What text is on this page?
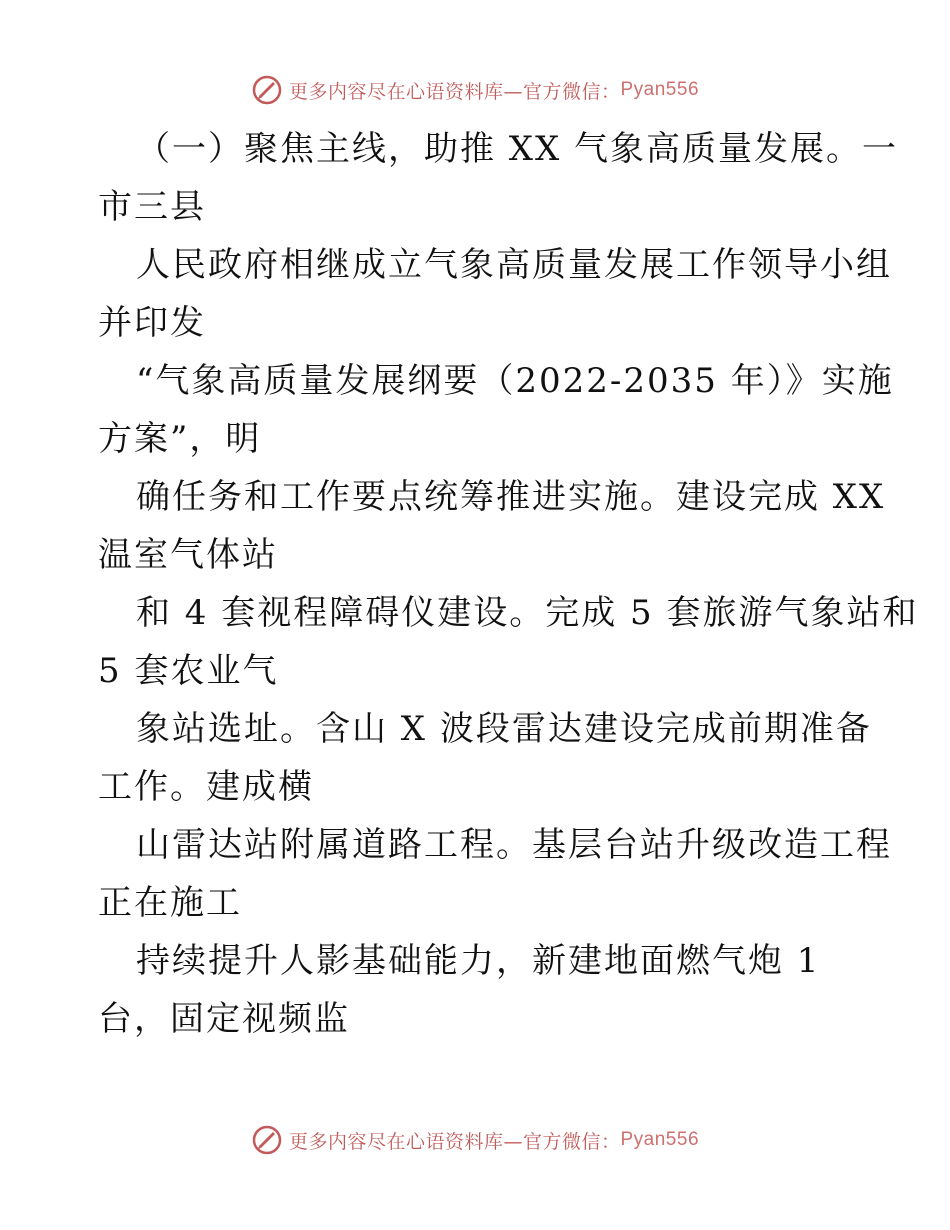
更多内容尽在心语资料库—官方微信： Pyan556
（一）聚焦主线，助推 XX 气象高质量发展。一
市三县
人民政府相继成立气象高质量发展工作领导小组
并印发
“气象高质量发展纲要（2022-2035 年）》实施
方案”，明
确任务和工作要点统筹推进实施。建设完成 XX
温室气体站
和 4 套视程障碍仪建设。完成 5 套旅游气象站和
5 套农业气
象站选址。含山 X 波段雷达建设完成前期准备
工作。建成横
山雷达站附属道路工程。基层台站升级改造工程
正在施工
持续提升人影基础能力，新建地面燃气炮 1
台，固定视频监
更多内容尽在心语资料库—官方微信： Pyan556
